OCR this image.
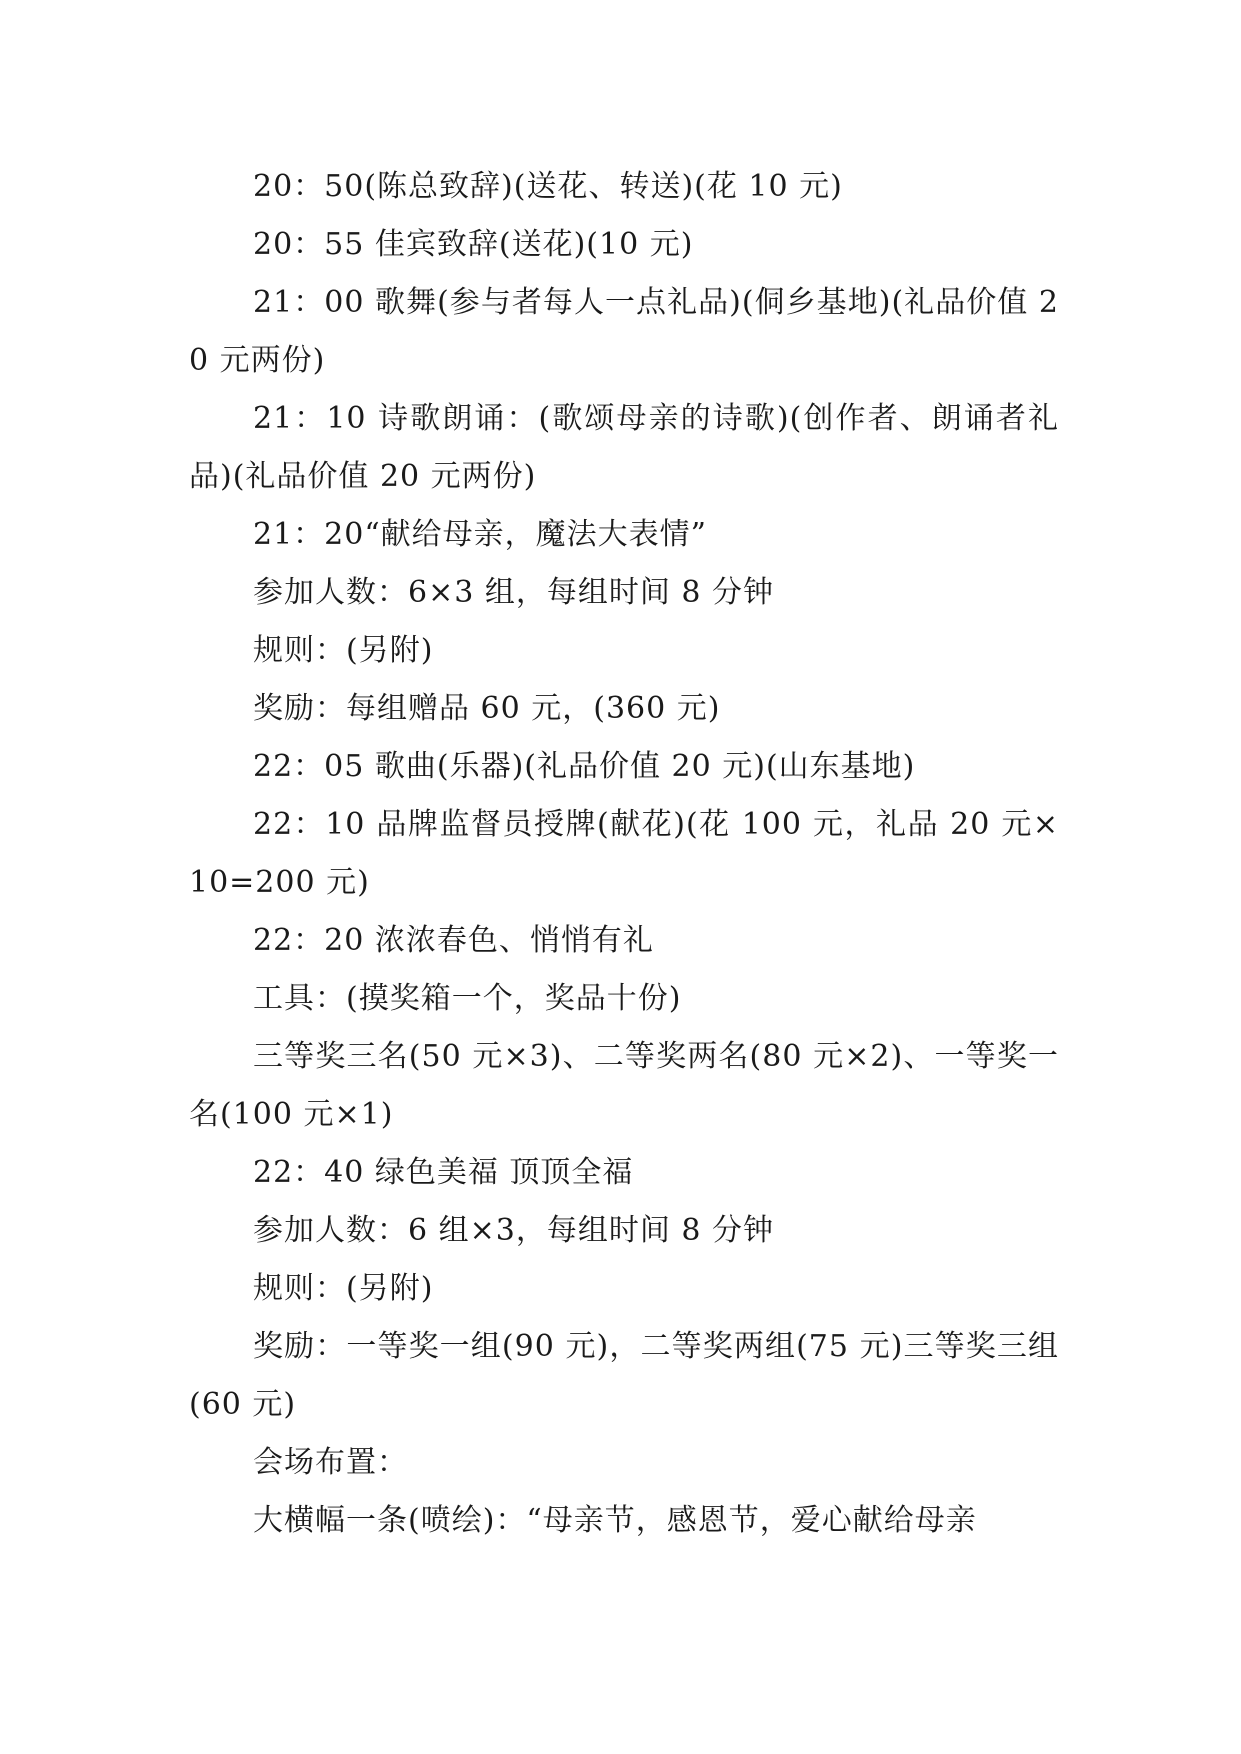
20：50(陈总致辞)(送花、转送)(花 10 元)

20：55 佳宾致辞(送花)(10 元)

21：00 歌舞(参与者每人一点礼品)(侗乡基地)(礼品价值 20 元两份)

21：10 诗歌朗诵：(歌颂母亲的诗歌)(创作者、朗诵者礼品)(礼品价值 20 元两份)

21：20“献给母亲，魔法大表情”

参加人数：6×3 组，每组时间 8 分钟

规则：(另附)

奖励：每组赠品 60 元，(360 元)

22：05 歌曲(乐器)(礼品价值 20 元)(山东基地)

22：10 品牌监督员授牌(献花)(花 100 元，礼品 20 元×10=200 元)

22：20 浓浓春色、悄悄有礼

工具：(摸奖箱一个，奖品十份)

三等奖三名(50 元×3)、二等奖两名(80 元×2)、一等奖一名(100 元×1)

22：40 绿色美福 顶顶全福

参加人数：6 组×3，每组时间 8 分钟

规则：(另附)

奖励：一等奖一组(90 元)，二等奖两组(75 元)三等奖三组(60 元)

会场布置：

大横幅一条(喷绘)：“母亲节，感恩节，爱心献给母亲
